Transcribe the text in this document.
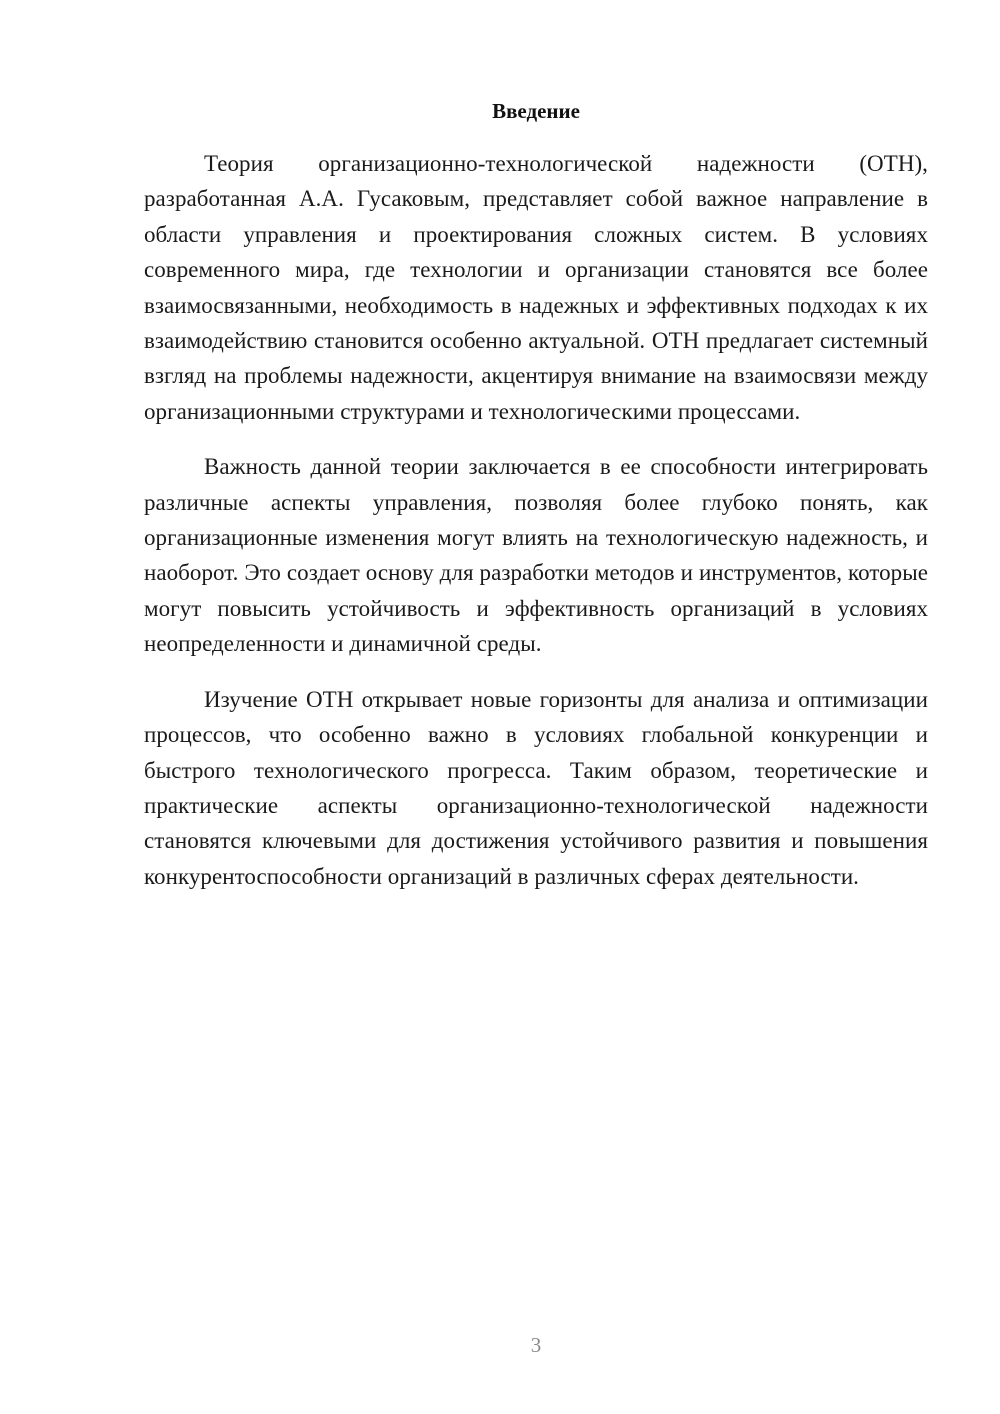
Введение

Теория организационно-технологической надежности (ОТН), разработанная А.А. Гусаковым, представляет собой важное направление в области управления и проектирования сложных систем. В условиях современного мира, где технологии и организации становятся все более взаимосвязанными, необходимость в надежных и эффективных подходах к их взаимодействию становится особенно актуальной. ОТН предлагает системный взгляд на проблемы надежности, акцентируя внимание на взаимосвязи между организационными структурами и технологическими процессами.

Важность данной теории заключается в ее способности интегрировать различные аспекты управления, позволяя более глубоко понять, как организационные изменения могут влиять на технологическую надежность, и наоборот. Это создает основу для разработки методов и инструментов, которые могут повысить устойчивость и эффективность организаций в условиях неопределенности и динамичной среды.

Изучение ОТН открывает новые горизонты для анализа и оптимизации процессов, что особенно важно в условиях глобальной конкуренции и быстрого технологического прогресса. Таким образом, теоретические и практические аспекты организационно-технологической надежности становятся ключевыми для достижения устойчивого развития и повышения конкурентоспособности организаций в различных сферах деятельности.

3
